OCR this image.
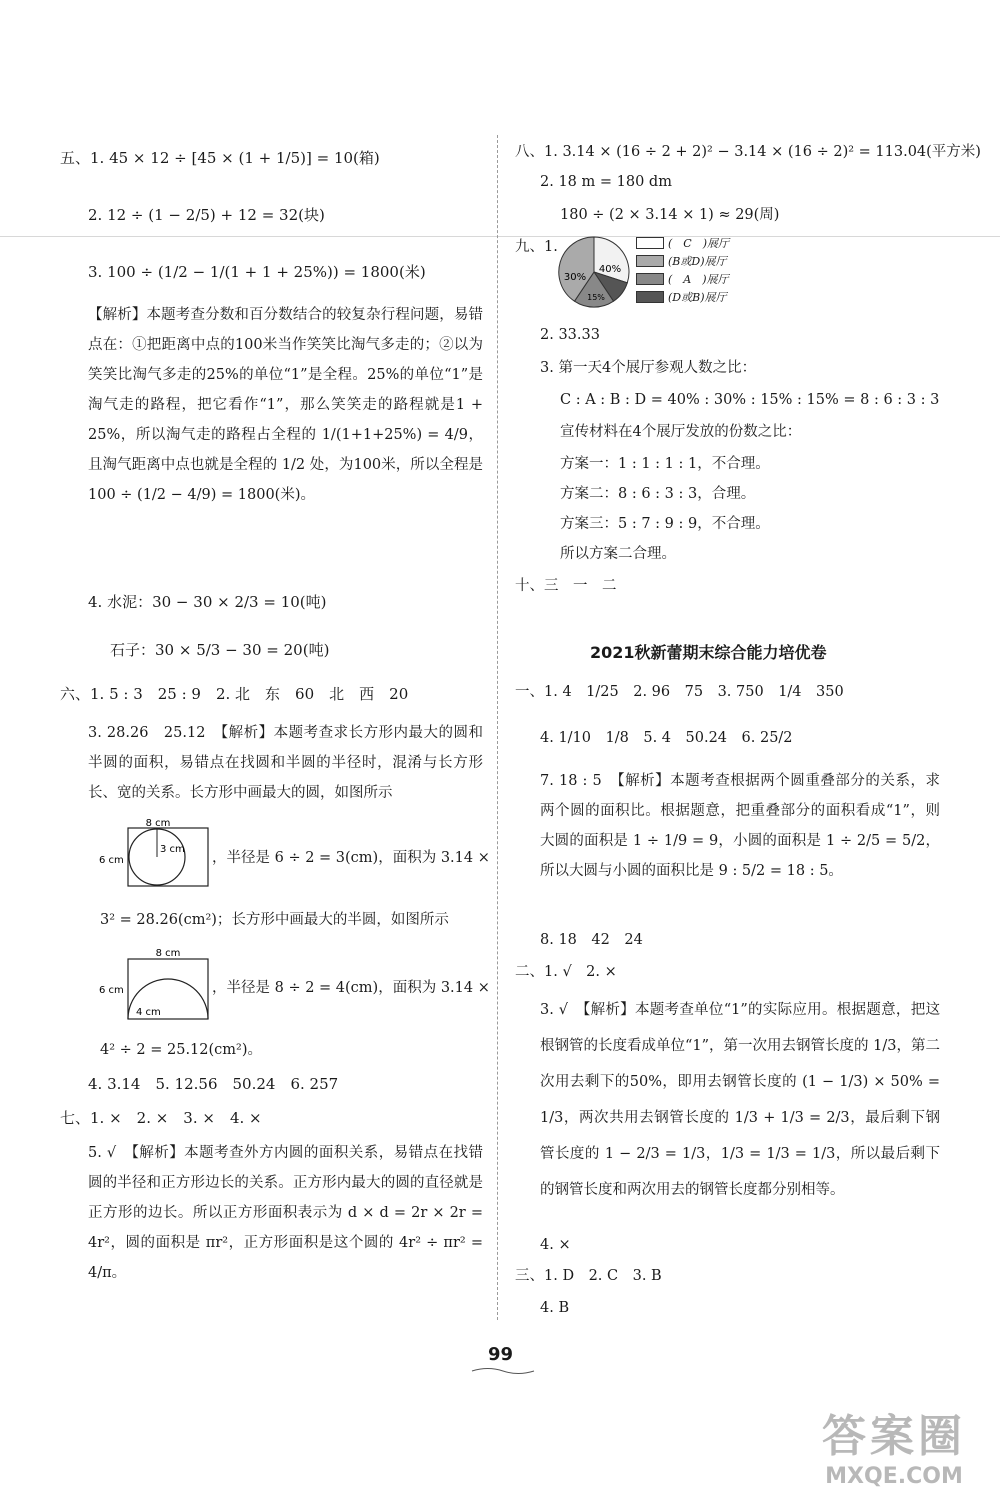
五、1. 45 × 12 ÷ [45 × (1 + 1/5)] = 10(箱)
2. 12 ÷ (1 − 2/5) + 12 = 32(块)
3. 100 ÷ (1/2 − 1/(1 + 1 + 25%)) = 1800(米)
【解析】本题考查分数和百分数结合的较复杂行程问题，易错点在：①把距离中点的100米当作笑笑比淘气多走的；②以为笑笑比淘气多走的25%的单位“1”是全程。25%的单位“1”是淘气走的路程，把它看作“1”，那么笑笑走的路程就是1 + 25%，所以淘气走的路程占全程的 1/(1+1+25%) = 4/9，且淘气距离中点也就是全程的 1/2 处，为100米，所以全程是 100 ÷ (1/2 − 4/9) = 1800(米)。
4. 水泥：30 − 30 × 2/3 = 10(吨)
石子：30 × 5/3 − 30 = 20(吨)
六、1. 5 : 3　25 : 9　2. 北　东　60　北　西　20
3. 28.26　25.12　【解析】本题考查求长方形内最大的圆和半圆的面积，易错点在找圆和半圆的半径时，混淆与长方形长、宽的关系。长方形中画最大的圆，如图所示
8 cm
6 cm
3 cm
，半径是 6 ÷ 2 = 3(cm)，面积为 3.14 ×
3² = 28.26(cm²)；长方形中画最大的半圆，如图所示
8 cm
6 cm
4 cm
，半径是 8 ÷ 2 = 4(cm)，面积为 3.14 ×
4² ÷ 2 = 25.12(cm²)。
4. 3.14　5. 12.56　50.24　6. 257
七、1. ×　2. ×　3. ×　4. ×
5. √　【解析】本题考查外方内圆的面积关系，易错点在找错圆的半径和正方形边长的关系。正方形内最大的圆的直径就是正方形的边长。所以正方形面积表示为 d × d = 2r × 2r = 4r²，圆的面积是 πr²，正方形面积是这个圆的 4r² ÷ πr² = 4/π。
八、1. 3.14 × (16 ÷ 2 + 2)² − 3.14 × (16 ÷ 2)² = 113.04(平方米)
2. 18 m = 180 dm
180 ÷ (2 × 3.14 × 1) ≈ 29(周)
九、1.
40%
30%
15%
(　C　)展厅
(B或D)展厅
(　A　)展厅
(D或B)展厅
2. 33.33
3. 第一天4个展厅参观人数之比：
C : A : B : D = 40% : 30% : 15% : 15% = 8 : 6 : 3 : 3
宣传材料在4个展厅发放的份数之比：
方案一：1 : 1 : 1 : 1，不合理。
方案二：8 : 6 : 3 : 3，合理。
方案三：5 : 7 : 9 : 9，不合理。
所以方案二合理。
十、三　一　二
2021秋新蕾期末综合能力培优卷
一、1. 4　1/25　2. 96　75　3. 750　1/4　350
4. 1/10　1/8　5. 4　50.24　6. 25/2
7. 18 : 5　【解析】本题考查根据两个圆重叠部分的关系，求两个圆的面积比。根据题意，把重叠部分的面积看成“1”，则大圆的面积是 1 ÷ 1/9 = 9，小圆的面积是 1 ÷ 2/5 = 5/2，所以大圆与小圆的面积比是 9 : 5/2 = 18 : 5。
8. 18　42　24
二、1. √　2. ×
3. √　【解析】本题考查单位“1”的实际应用。根据题意，把这根钢管的长度看成单位“1”，第一次用去钢管长度的 1/3，第二次用去剩下的50%，即用去钢管长度的 (1 − 1/3) × 50% = 1/3，两次共用去钢管长度的 1/3 + 1/3 = 2/3，最后剩下钢管长度的 1 − 2/3 = 1/3，1/3 = 1/3 = 1/3，所以最后剩下的钢管长度和两次用去的钢管长度都分别相等。
4. ×
三、1. D　2. C　3. B
4. B
99
答案圈
MXQE.COM
